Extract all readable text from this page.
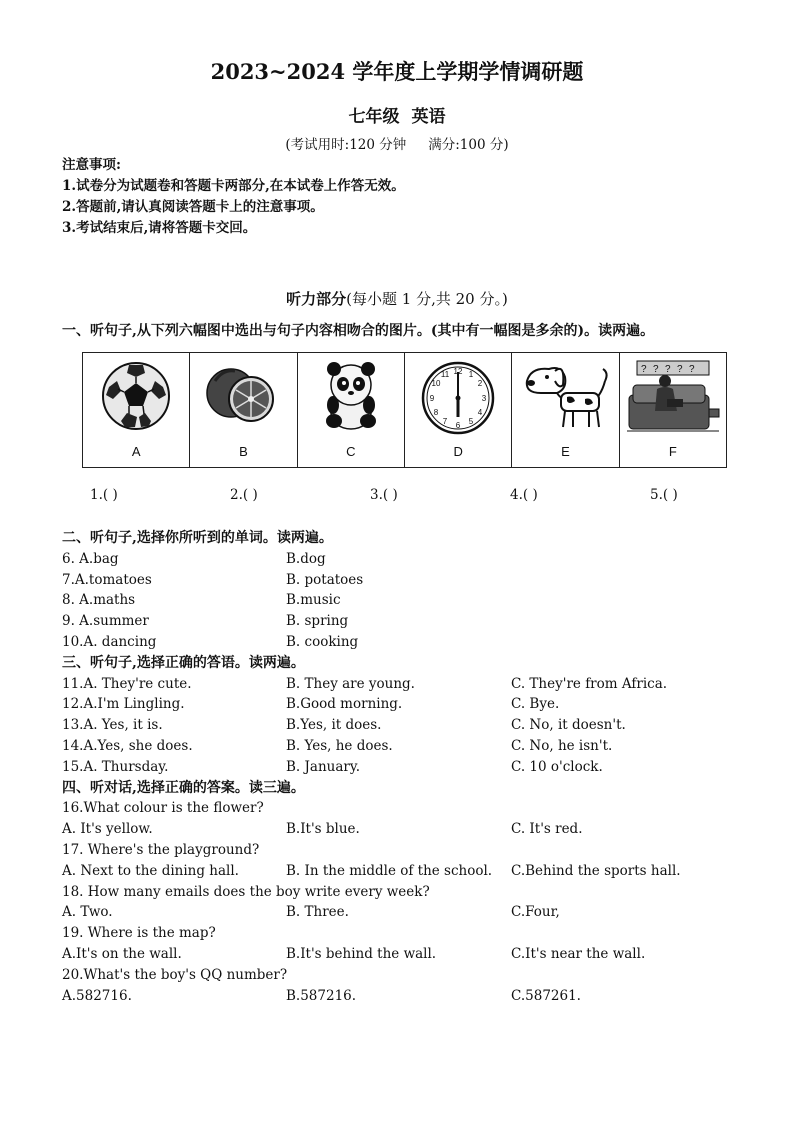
2023~2024 学年度上学期学情调研题
七年级 英语
(考试用时:120 分钟 满分:100 分)
注意事项:
1.试卷分为试题卷和答题卡两部分,在本试卷上作答无效。
2.答题前,请认真阅读答题卡上的注意事项。
3.考试结束后,请将答题卡交回。
听力部分(每小题 1 分,共 20 分。)
一、听句子,从下列六幅图中选出与句子内容相吻合的图片。(其中有一幅图是多余的)。读两遍。
A	B	C
12 1
2
3
4
5
6
7
8
9
10
11
D	E
? ? ? ? ?
F
1.( )	2.( )	3.( )	4.( )	5.( )
二、听句子,选择你所听到的单词。读两遍。
6. A.bag	B.dog
7.A.tomatoes	B. potatoes
8. A.maths	B.music
9. A.summer	B. spring
10.A. dancing	B. cooking
三、听句子,选择正确的答语。读两遍。
11.A. They're cute.	B. They are young.	C. They're from Africa.
12.A.I'm Lingling.	B.Good morning.	C. Bye.
13.A. Yes, it is.	B.Yes, it does.	C. No, it doesn't.
14.A.Yes, she does.	B. Yes, he does.	C. No, he isn't.
15.A. Thursday.	B. January.	C. 10 o'clock.
四、听对话,选择正确的答案。读三遍。
16.What colour is the flower?
A. It's yellow.	B.It's blue.	C. It's red.
17. Where's the playground?
A. Next to the dining hall.	B. In the middle of the school. C.Behind the sports hall.
18. How many emails does the boy write every week?
A. Two.	B. Three.	C.Four,
19. Where is the map?
A.It's on the wall.	B.It's behind the wall.	C.It's near the wall.
20.What's the boy's QQ number?
A.582716.	B.587216.	C.587261.
